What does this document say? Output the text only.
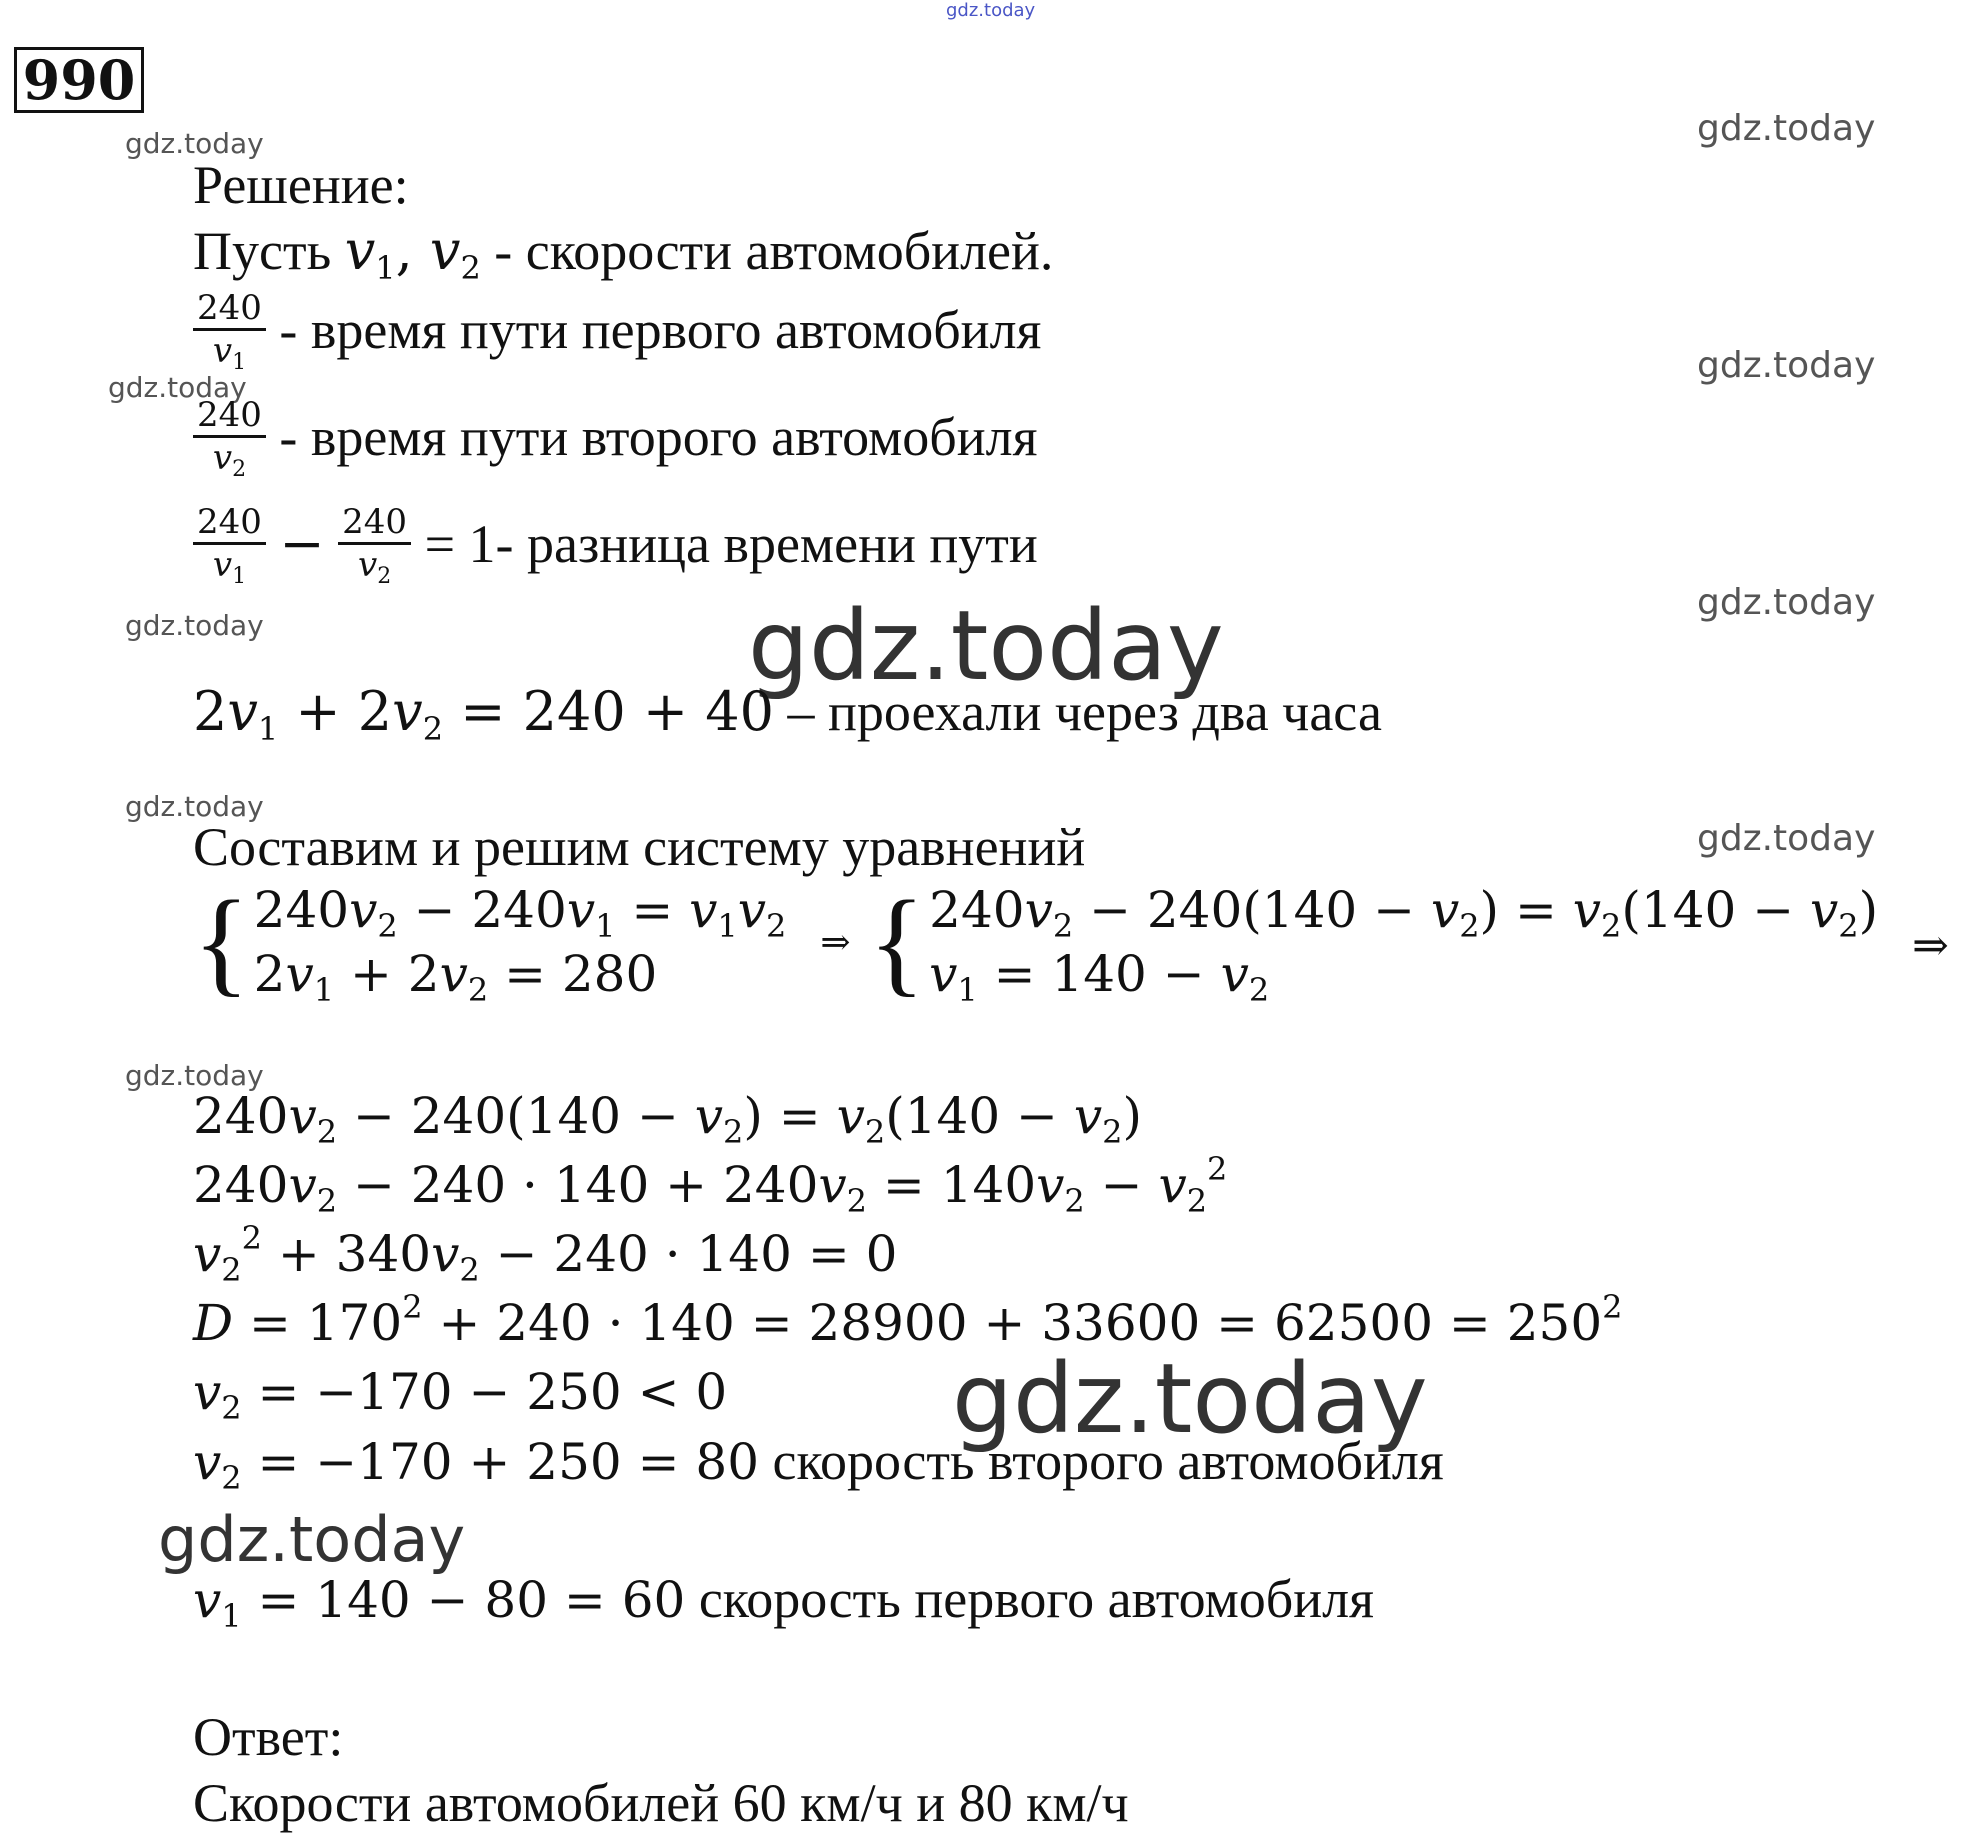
gdz.today
990
gdz.today	gdz.today
gdz.today
gdz.today
gdz.today
gdz.today
gdz.today
gdz.today
gdz.today
gdz.today
gdz.today
gdz.today
Решение:
Пусть $v_1$, $v_2$ - скорости автомобилей.
$\frac{240}{v_1}$ - время пути первого автомобиля
$\frac{240}{v_2}$ - время пути второго автомобиля
$\frac{240}{v_1} - \frac{240}{v_2} = 1-$ разница времени пути
$2v_1 + 2v_2 = 240 + 40$ – проехали через два часа
Составим и решим систему уравнений
{ $240v_2 - 240v_1 = v_1v_2$
$2v_1 + 2v_2 = 280$
⇒ { $240v_2 - 240(140 - v_2) = v_2(140 - v_2)$
$v_1 = 140 - v_2$
⇒
$240v_2 - 240(140 - v_2) = v_2(140 - v_2)$
$240v_2 - 240 \cdot 140 + 240v_2 = 140v_2 - v_2^2$
$v_2^2 + 340v_2 - 240 \cdot 140 = 0$
$D = 170^2 + 240 \cdot 140 = 28900 + 33600 = 62500 = 250^2$
$v_2 = -170 - 250 < 0$
$v_2 = -170 + 250 = 80$ скорость второго автомобиля
$v_1 = 140 - 80 = 60$ скорость первого автомобиля
Ответ:
Скорости автомобилей 60 км/ч и 80 км/ч
